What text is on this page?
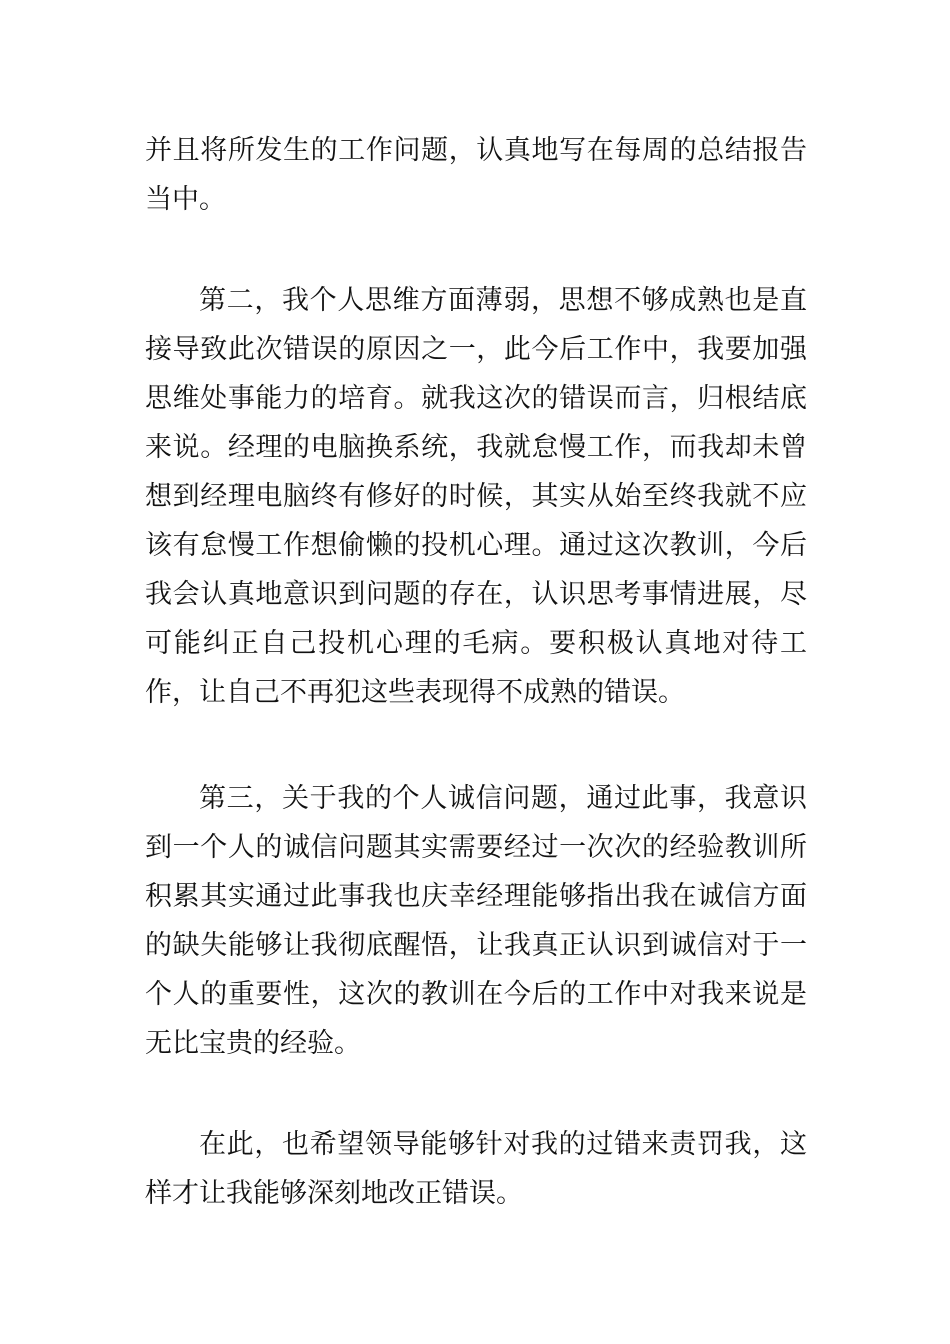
并且将所发生的工作问题，认真地写在每周的总结报告当中。

第二，我个人思维方面薄弱，思想不够成熟也是直接导致此次错误的原因之一，此今后工作中，我要加强思维处事能力的培育。就我这次的错误而言，归根结底来说。经理的电脑换系统，我就怠慢工作，而我却未曾想到经理电脑终有修好的时候，其实从始至终我就不应该有怠慢工作想偷懒的投机心理。通过这次教训，今后我会认真地意识到问题的存在，认识思考事情进展，尽可能纠正自己投机心理的毛病。要积极认真地对待工作，让自己不再犯这些表现得不成熟的错误。

第三，关于我的个人诚信问题，通过此事，我意识到一个人的诚信问题其实需要经过一次次的经验教训所积累其实通过此事我也庆幸经理能够指出我在诚信方面的缺失能够让我彻底醒悟，让我真正认识到诚信对于一个人的重要性，这次的教训在今后的工作中对我来说是无比宝贵的经验。

在此，也希望领导能够针对我的过错来责罚我，这样才让我能够深刻地改正错误。
